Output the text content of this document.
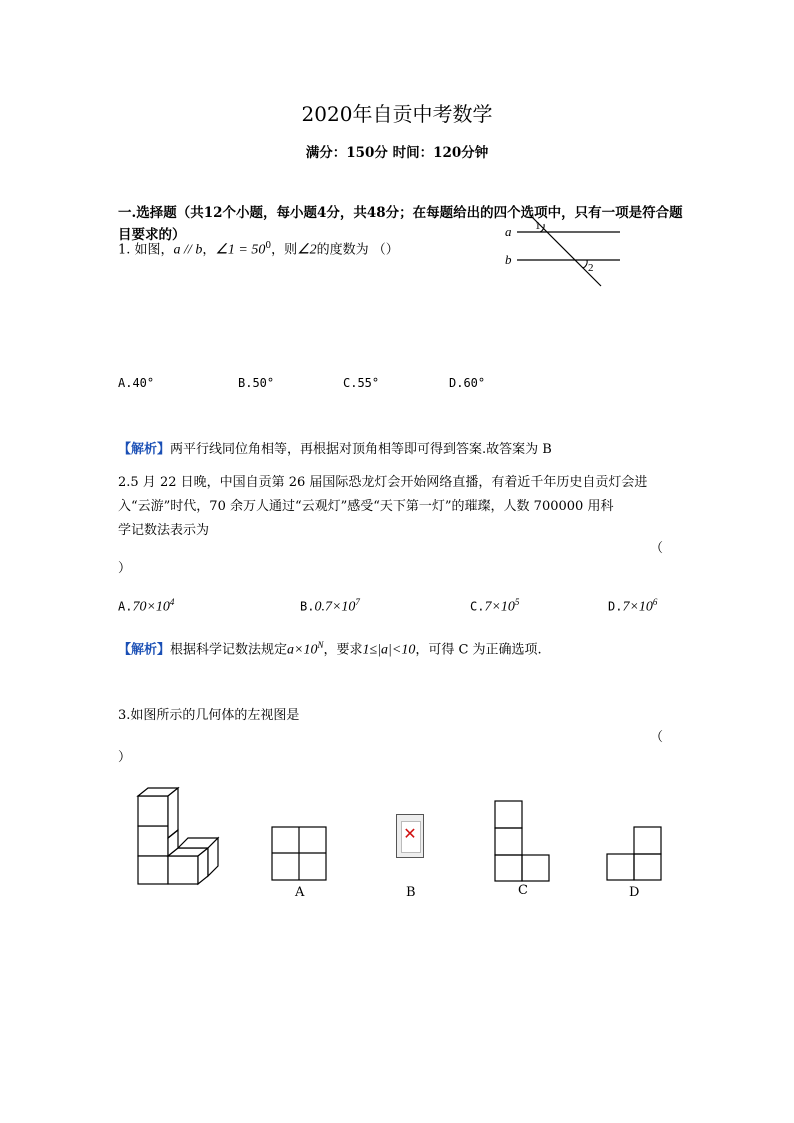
2020年自贡中考数学
满分：150分 时间：120分钟
一.选择题（共12个小题，每小题4分，共48分；在每题给出的四个选项中，只有一项是符合题目要求的）
1. 如图，a // b，∠1 = $50^0$，则∠2的度数为 （）
a
b
1
2
A.40°	B.50°	C.55°	D.60°
【解析】两平行线同位角相等，再根据对顶角相等即可得到答案.故答案为 B
2.5 月 22 日晚，中国自贡第 26 届国际恐龙灯会开始网络直播，有着近千年历史自贡灯会进
入“云游”时代，70 余万人通过“云观灯”感受“天下第一灯”的璀璨，人数 700000 用科
学记数法表示为
（
）
$A.70\times 10^4$	$B.0.7\times 10^7$	$C.7\times 10^5$	$D.7\times 10^6$
【解析】根据科学记数法规定$a\times 10^N$，要求1≤|a|<10，可得 C 为正确选项.
3.如图所示的几何体的左视图是
（
）
✕
A	B	C	D
